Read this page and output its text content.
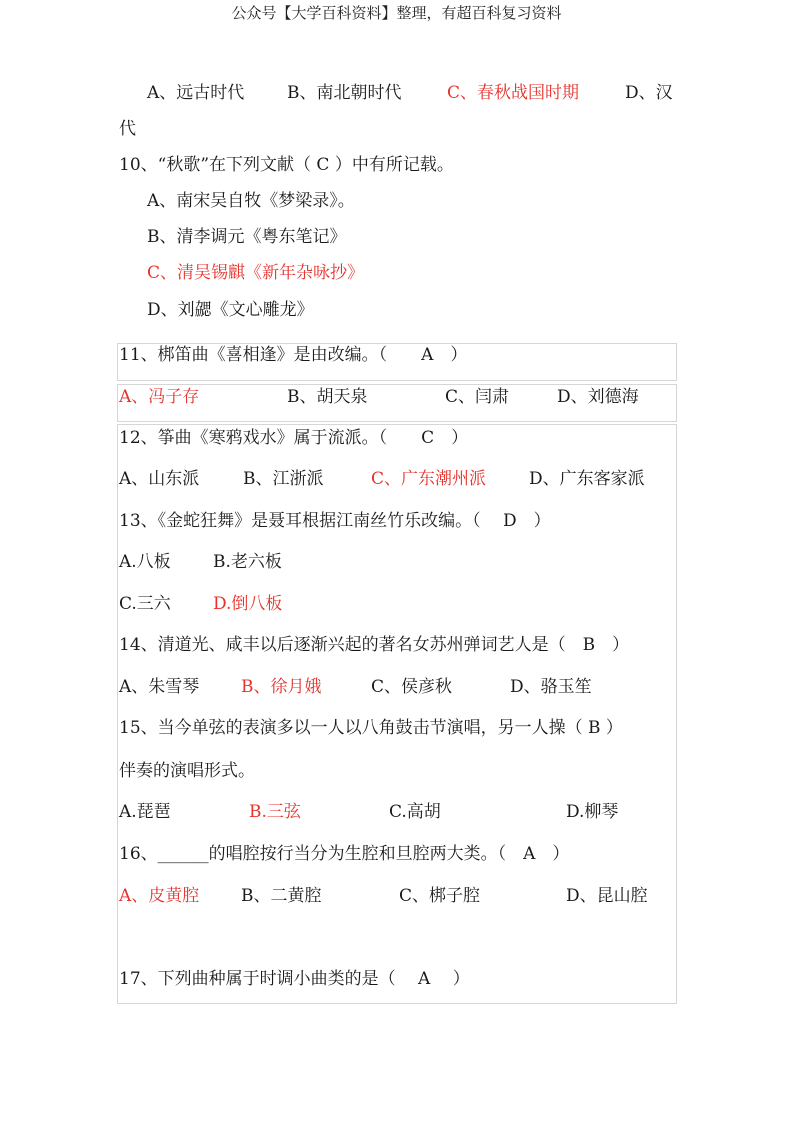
公众号【大学百科资料】整理，有超百科复习资料
A、远古时代	B、南北朝时代	C、春秋战国时期	D、汉
代
10、“秋歌”在下列文献（ C ）中有所记载。
A、南宋吴自牧《梦梁录》。
B、清李调元《粤东笔记》
C、清吴锡麒《新年杂咏抄》
D、刘勰《文心雕龙》
11、梆笛曲《喜相逢》是由改编。（　　A　）
A、冯子存	B、胡天泉	C、闫肃	D、刘德海
12、筝曲《寒鸦戏水》属于流派。（　　C　）
A、山东派	B、江浙派	C、广东潮州派	D、广东客家派
13、《金蛇狂舞》是聂耳根据江南丝竹乐改编。（　 D　）
A.八板 B.老六板
C.三六 D.倒八板
14、清道光、咸丰以后逐渐兴起的著名女苏州弹词艺人是（　B　）
A、朱雪琴 B、徐月娥	C、侯彦秋	D、骆玉笙
15、当今单弦的表演多以一人以八角鼓击节演唱，另一人操（ B ）
伴奏的演唱形式。
A.琵琶	B.三弦	C.高胡	D.柳琴
16、______的唱腔按行当分为生腔和旦腔两大类。（　A　）
A、皮黄腔 B、二黄腔	C、梆子腔	D、昆山腔
17、下列曲种属于时调小曲类的是（　 A　 ）
